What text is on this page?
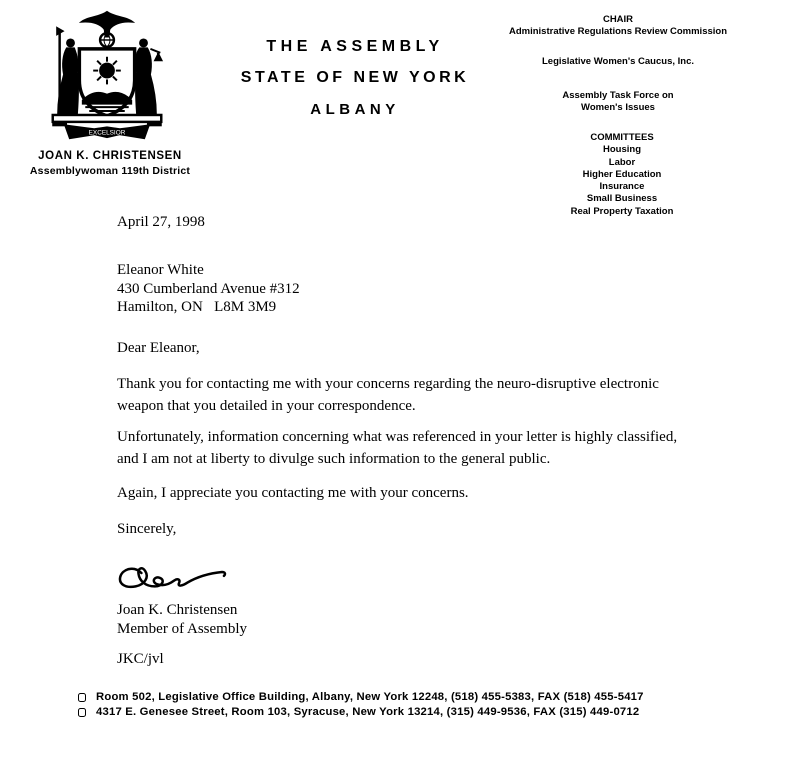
EXCELSIOR
JOAN K. CHRISTENSEN
Assemblywoman 119th District
THE ASSEMBLY
STATE OF NEW YORK
ALBANY
CHAIR
Administrative Regulations Review Commission
Legislative Women's Caucus, Inc.
Assembly Task Force on
Women's Issues
COMMITTEES
Housing
Labor
Higher Education
Insurance
Small Business
Real Property Taxation
April 27, 1998
Eleanor White
430 Cumberland Avenue #312
Hamilton, ON   L8M 3M9
Dear Eleanor,
Thank you for contacting me with your concerns regarding the neuro-disruptive electronic weapon that you detailed in your correspondence.
Unfortunately, information concerning what was referenced in your letter is highly classified, and I am not at liberty to divulge such information to the general public.
Again, I appreciate you contacting me with your concerns.
Sincerely,
Joan K. Christensen
Member of Assembly
JKC/jvl
Room 502, Legislative Office Building, Albany, New York 12248, (518) 455-5383, FAX (518) 455-5417
4317 E. Genesee Street, Room 103, Syracuse, New York 13214, (315) 449-9536, FAX (315) 449-0712
